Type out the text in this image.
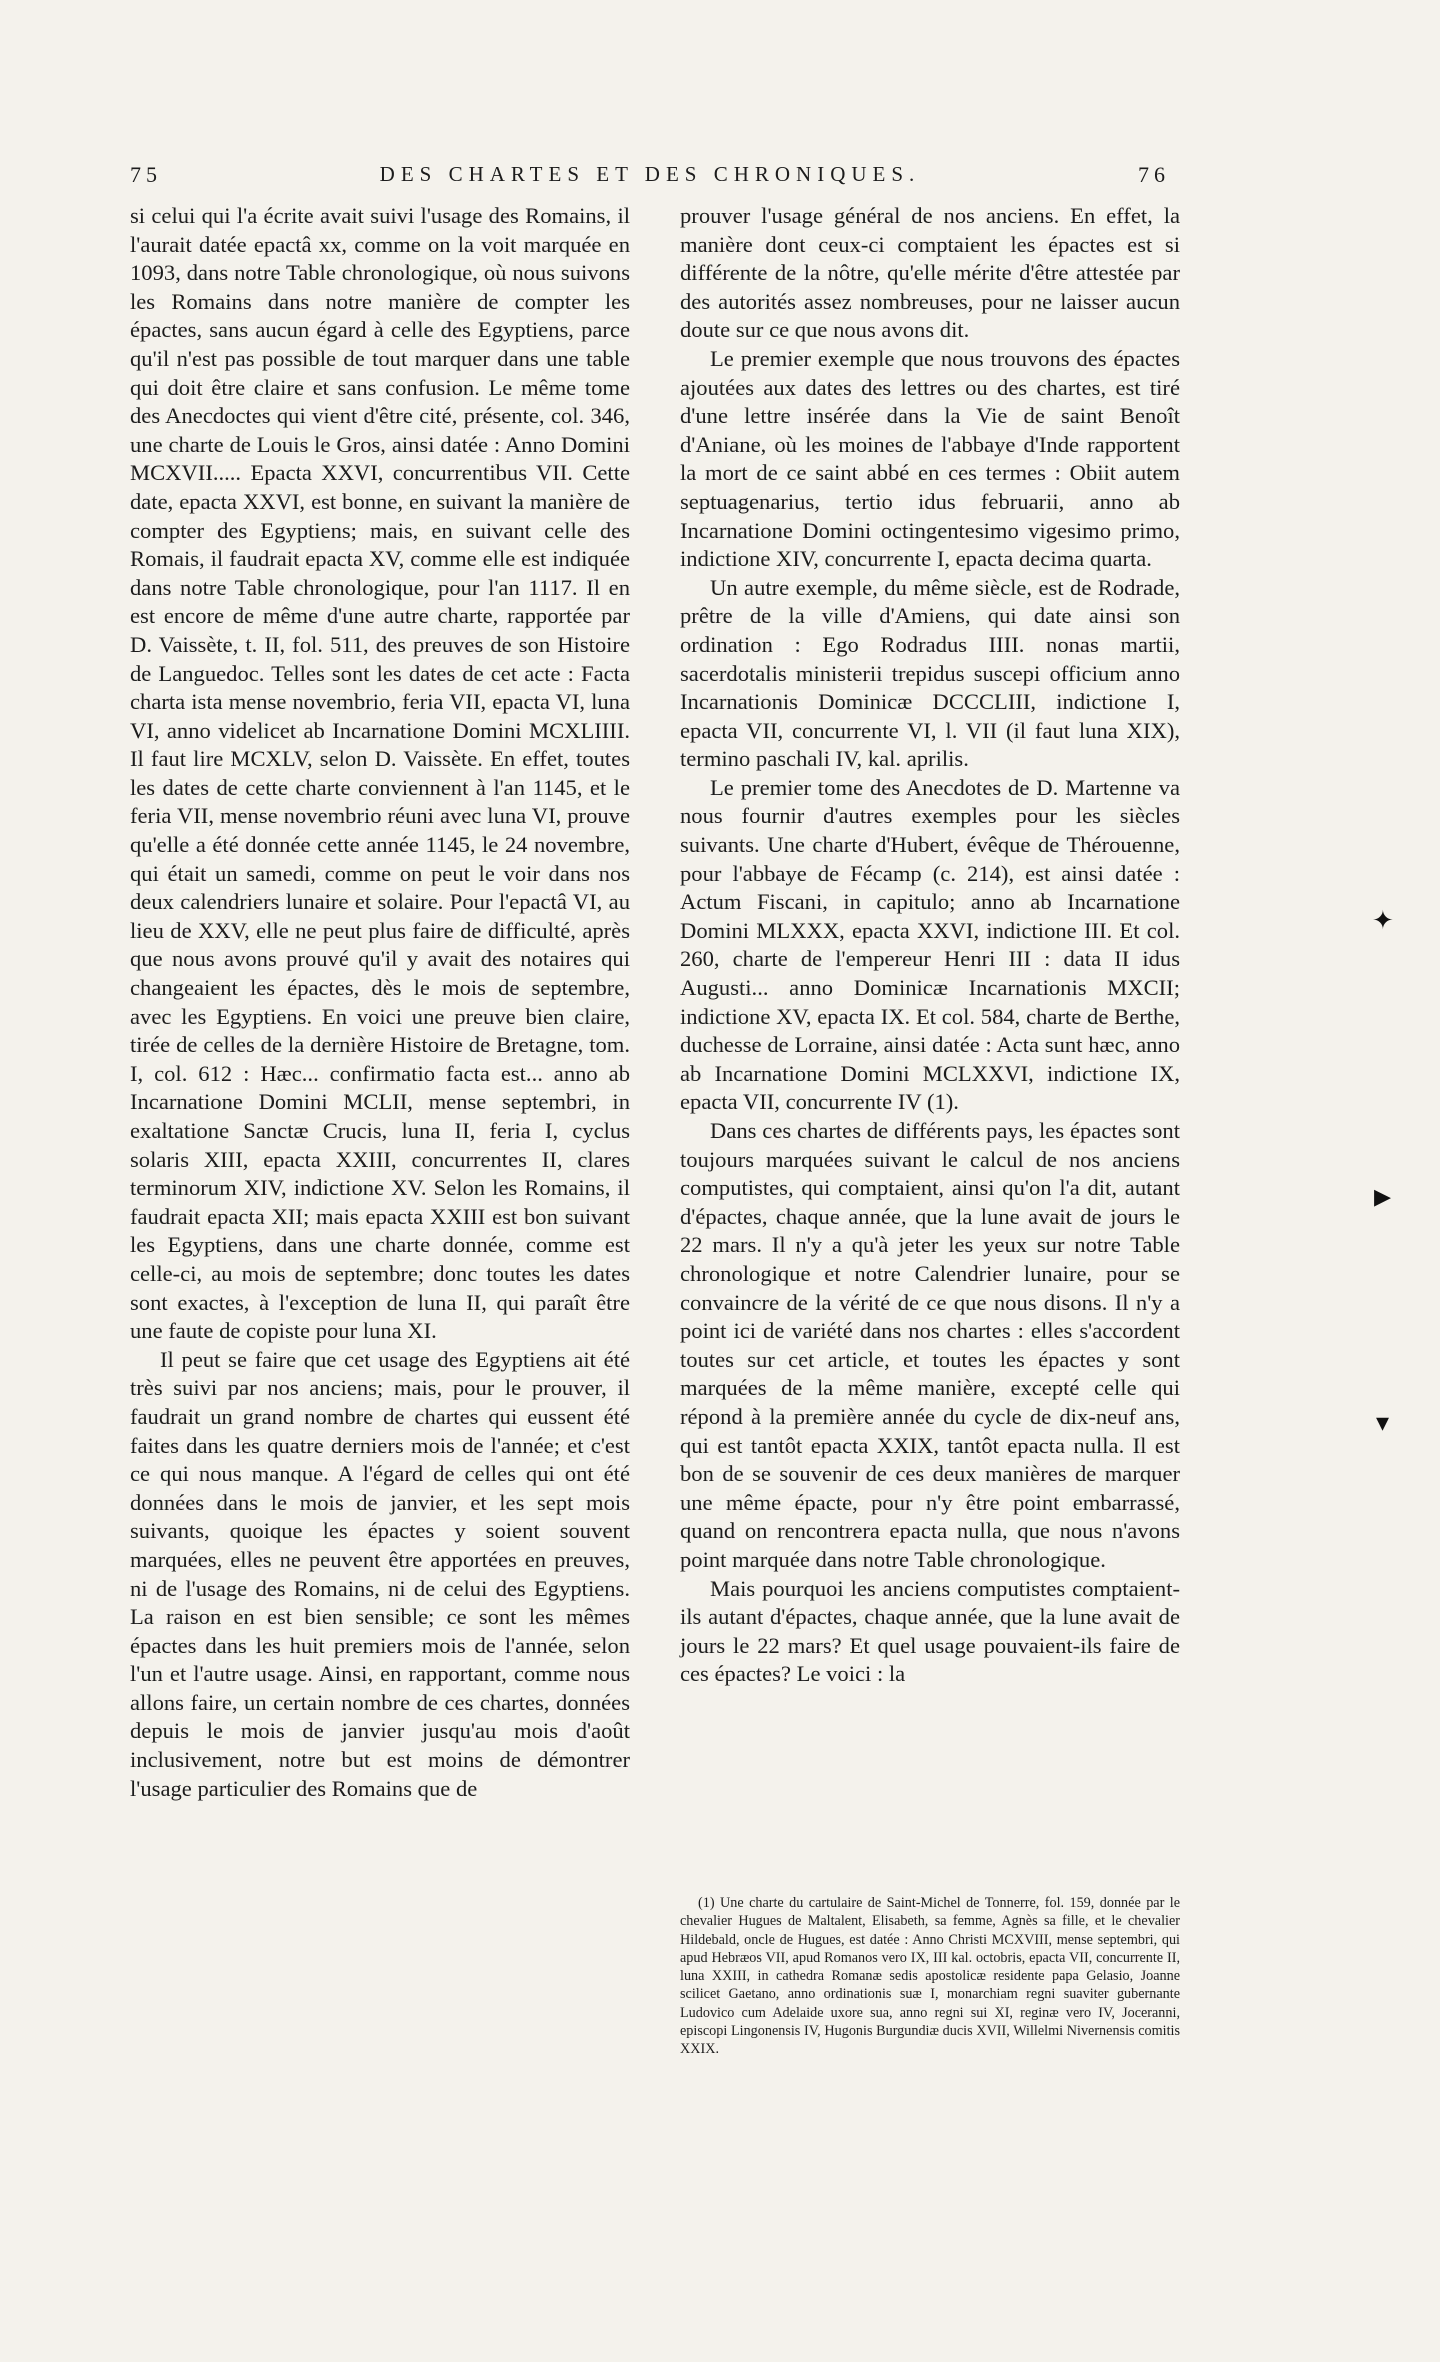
75	DES CHARTES ET DES CHRONIQUES.	76

si celui qui l'a écrite avait suivi l'usage des Romains, il l'aurait datée epactâ xx, comme on la voit marquée en 1093, dans notre Table chronologique, où nous suivons les Romains dans notre manière de compter les épactes, sans aucun égard à celle des Egyptiens, parce qu'il n'est pas possible de tout marquer dans une table qui doit être claire et sans confusion. Le même tome des Anecdoctes qui vient d'être cité, présente, col. 346, une charte de Louis le Gros, ainsi datée : Anno Domini MCXVII..... Epacta XXVI, concurrentibus VII. Cette date, epacta XXVI, est bonne, en suivant la manière de compter des Egyptiens; mais, en suivant celle des Romais, il faudrait epacta XV, comme elle est indiquée dans notre Table chronologique, pour l'an 1117. Il en est encore de même d'une autre charte, rapportée par D. Vaissète, t. II, fol. 511, des preuves de son Histoire de Languedoc. Telles sont les dates de cet acte : Facta charta ista mense novembrio, feria VII, epacta VI, luna VI, anno videlicet ab Incarnatione Domini MCXLIIII. Il faut lire MCXLV, selon D. Vaissète. En effet, toutes les dates de cette charte conviennent à l'an 1145, et le feria VII, mense novembrio réuni avec luna VI, prouve qu'elle a été donnée cette année 1145, le 24 novembre, qui était un samedi, comme on peut le voir dans nos deux calendriers lunaire et solaire. Pour l'epactâ VI, au lieu de XXV, elle ne peut plus faire de difficulté, après que nous avons prouvé qu'il y avait des notaires qui changeaient les épactes, dès le mois de septembre, avec les Egyptiens. En voici une preuve bien claire, tirée de celles de la dernière Histoire de Bretagne, tom. I, col. 612 : Hæc... confirmatio facta est... anno ab Incarnatione Domini MCLII, mense septembri, in exaltatione Sanctæ Crucis, luna II, feria I, cyclus solaris XIII, epacta XXIII, concurrentes II, clares terminorum XIV, indictione XV. Selon les Romains, il faudrait epacta XII; mais epacta XXIII est bon suivant les Egyptiens, dans une charte donnée, comme est celle-ci, au mois de septembre; donc toutes les dates sont exactes, à l'exception de luna II, qui paraît être une faute de copiste pour luna XI.

Il peut se faire que cet usage des Egyptiens ait été très suivi par nos anciens; mais, pour le prouver, il faudrait un grand nombre de chartes qui eussent été faites dans les quatre derniers mois de l'année; et c'est ce qui nous manque. A l'égard de celles qui ont été données dans le mois de janvier, et les sept mois suivants, quoique les épactes y soient souvent marquées, elles ne peuvent être apportées en preuves, ni de l'usage des Romains, ni de celui des Egyptiens. La raison en est bien sensible; ce sont les mêmes épactes dans les huit premiers mois de l'année, selon l'un et l'autre usage. Ainsi, en rapportant, comme nous allons faire, un certain nombre de ces chartes, données depuis le mois de janvier jusqu'au mois d'août inclusivement, notre but est moins de démontrer l'usage particulier des Romains que de

prouver l'usage général de nos anciens. En effet, la manière dont ceux-ci comptaient les épactes est si différente de la nôtre, qu'elle mérite d'être attestée par des autorités assez nombreuses, pour ne laisser aucun doute sur ce que nous avons dit.

Le premier exemple que nous trouvons des épactes ajoutées aux dates des lettres ou des chartes, est tiré d'une lettre insérée dans la Vie de saint Benoît d'Aniane, où les moines de l'abbaye d'Inde rapportent la mort de ce saint abbé en ces termes : Obiit autem septuagenarius, tertio idus februarii, anno ab Incarnatione Domini octingentesimo vigesimo primo, indictione XIV, concurrente I, epacta decima quarta.

Un autre exemple, du même siècle, est de Rodrade, prêtre de la ville d'Amiens, qui date ainsi son ordination : Ego Rodradus IIII. nonas martii, sacerdotalis ministerii trepidus suscepi officium anno Incarnationis Dominicæ DCCCLIII, indictione I, epacta VII, concurrente VI, l. VII (il faut luna XIX), termino paschali IV, kal. aprilis.

Le premier tome des Anecdotes de D. Martenne va nous fournir d'autres exemples pour les siècles suivants. Une charte d'Hubert, évêque de Thérouenne, pour l'abbaye de Fécamp (c. 214), est ainsi datée : Actum Fiscani, in capitulo; anno ab Incarnatione Domini MLXXX, epacta XXVI, indictione III. Et col. 260, charte de l'empereur Henri III : data II idus Augusti... anno Dominicæ Incarnationis MXCII; indictione XV, epacta IX. Et col. 584, charte de Berthe, duchesse de Lorraine, ainsi datée : Acta sunt hæc, anno ab Incarnatione Domini MCLXXVI, indictione IX, epacta VII, concurrente IV (1).

Dans ces chartes de différents pays, les épactes sont toujours marquées suivant le calcul de nos anciens computistes, qui comptaient, ainsi qu'on l'a dit, autant d'épactes, chaque année, que la lune avait de jours le 22 mars. Il n'y a qu'à jeter les yeux sur notre Table chronologique et notre Calendrier lunaire, pour se convaincre de la vérité de ce que nous disons. Il n'y a point ici de variété dans nos chartes : elles s'accordent toutes sur cet article, et toutes les épactes y sont marquées de la même manière, excepté celle qui répond à la première année du cycle de dix-neuf ans, qui est tantôt epacta XXIX, tantôt epacta nulla. Il est bon de se souvenir de ces deux manières de marquer une même épacte, pour n'y être point embarrassé, quand on rencontrera epacta nulla, que nous n'avons point marquée dans notre Table chronologique.

Mais pourquoi les anciens computistes comptaient-ils autant d'épactes, chaque année, que la lune avait de jours le 22 mars? Et quel usage pouvaient-ils faire de ces épactes? Le voici : la

(1) Une charte du cartulaire de Saint-Michel de Tonnerre, fol. 159, donnée par le chevalier Hugues de Maltalent, Elisabeth, sa femme, Agnès sa fille, et le chevalier Hildebald, oncle de Hugues, est datée : Anno Christi MCXVIII, mense septembri, qui apud Hebræos VII, apud Romanos vero IX, III kal. octobris, epacta VII, concurrente II, luna XXIII, in cathedra Romanæ sedis apostolicæ residente papa Gelasio, Joanne scilicet Gaetano, anno ordinationis suæ I, monarchiam regni suaviter gubernante Ludovico cum Adelaide uxore sua, anno regni sui XI, reginæ vero IV, Joceranni, episcopi Lingonensis IV, Hugonis Burgundiæ ducis XVII, Willelmi Nivernensis comitis XXIX.

✦
▸
▾
